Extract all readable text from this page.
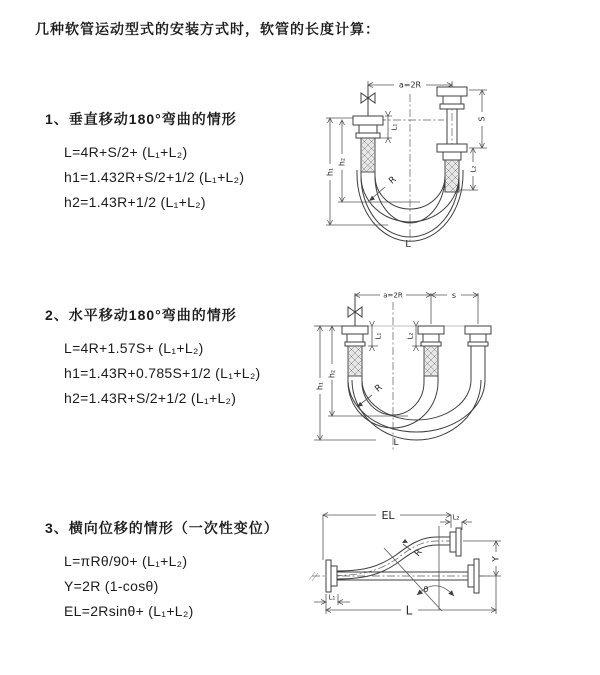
几种软管运动型式的安装方式时，软管的长度计算：
1、垂直移动180°弯曲的情形
L=4R+S/2+ (L₁+L₂)
h1=1.432R+S/2+1/2 (L₁+L₂)
h2=1.43R+1/2 (L₁+L₂)
2、水平移动180°弯曲的情形
L=4R+1.57S+ (L₁+L₂)
h1=1.43R+0.785S+1/2 (L₁+L₂)
h2=1.43R+S/2+1/2 (L₁+L₂)
3、横向位移的情形（一次性变位）
L=πRθ/90+ (L₁+L₂)
Y=2R (1-cosθ)
EL=2Rsinθ+ (L₁+L₂)
a=2R
S
L₂
L₁
h₁
h₂
R
L
a=2R	s
h₁
h₂
L₁	L₂
R
L
EL	L₂
Y
L
L₁
θ
R
